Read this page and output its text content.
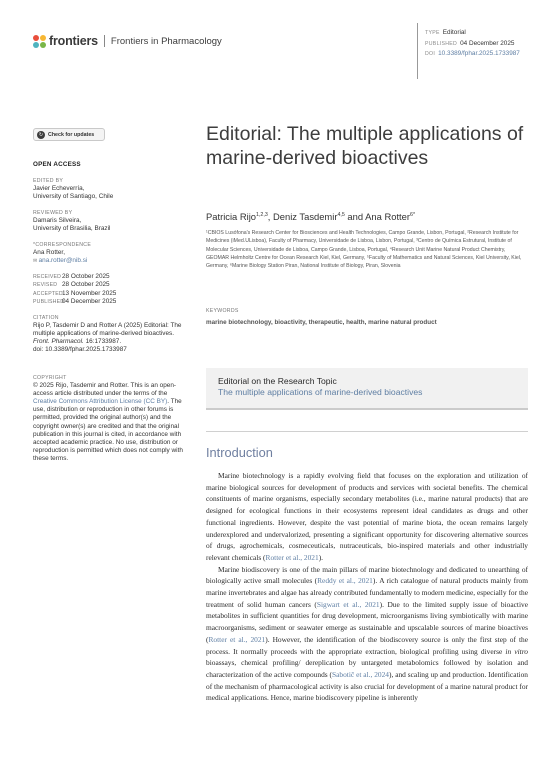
frontiers Frontiers in Pharmacology
TYPE Editorial
PUBLISHED 04 December 2025
DOI 10.3389/fphar.2025.1733987
↻ Check for updates
OPEN ACCESS
EDITED BY
Javier Echeverría,
University of Santiago, Chile
REVIEWED BY
Damaris Silveira,
University of Brasilia, Brazil
*CORRESPONDENCE
Ana Rotter,
✉ ana.rotter@nib.si
RECEIVED28 October 2025
REVISED 28 October 2025
ACCEPTED13 November 2025
PUBLISHED04 December 2025
CITATION
Rijo P, Tasdemir D and Rotter A (2025) Editorial: The multiple applications of marine-derived bioactives.
Front. Pharmacol. 16:1733987.
doi: 10.3389/fphar.2025.1733987
COPYRIGHT
© 2025 Rijo, Tasdemir and Rotter. This is an open-access article distributed under the terms of the Creative Commons Attribution License (CC BY). The use, distribution or reproduction in other forums is permitted, provided the original author(s) and the copyright owner(s) are credited and that the original publication in this journal is cited, in accordance with accepted academic practice. No use, distribution or reproduction is permitted which does not comply with these terms.
Editorial: The multiple applications of marine-derived bioactives
Patricia Rijo$^{1,2,3}$, Deniz Tasdemir$^{4,5}$ and Ana Rotter$^{6*}$
¹CBIOS Lusófona's Research Center for Biosciences and Health Technologies, Campo Grande, Lisbon, Portugal, ²Research Institute for Medicines (iMed.ULisboa), Faculty of Pharmacy, Universidade de Lisboa, Lisbon, Portugal, ³Centro de Química Estrutural, Institute of Molecular Sciences, Universidade de Lisboa, Campo Grande, Lisboa, Portugal, ⁴Research Unit Marine Natural Product Chemistry, GEOMAR Helmholtz Centre for Ocean Research Kiel, Kiel, Germany, ⁵Faculty of Mathematics and Natural Sciences, Kiel University, Kiel, Germany, ⁶Marine Biology Station Piran, National Institute of Biology, Piran, Slovenia
KEYWORDS
marine biotechnology, bioactivity, therapeutic, health, marine natural product
Editorial on the Research Topic
The multiple applications of marine-derived bioactives
Introduction

Marine biotechnology is a rapidly evolving field that focuses on the exploration and utilization of marine biological sources for development of products and services with societal benefits. The chemical constituents of marine organisms, especially secondary metabolites (i.e., marine natural products) that are designed for ecological functions in their ecosystems represent ideal candidates as drugs and other functional ingredients. However, despite the vast potential of marine biota, the ocean remains largely underexplored and undervalorized, presenting a significant opportunity for discovering alternative sources of drugs, agrochemicals, cosmeceuticals, nutraceuticals, bio-inspired materials and other industrially relevant chemicals (Rotter et al., 2021).

Marine biodiscovery is one of the main pillars of marine biotechnology and dedicated to unearthing of biologically active small molecules (Reddy et al., 2021). A rich catalogue of natural products mainly from marine invertebrates and algae has already contributed fundamentally to modern medicine, especially for the treatment of solid human cancers (Sigwart et al., 2021). Due to the limited supply issue of bioactive metabolites in sufficient quantities for drug development, microorganisms living symbiotically with marine macroorganisms, sediment or seawater emerge as sustainable and upscalable sources of marine bioactives (Rotter et al., 2021). However, the identification of the biodiscovery source is only the first step of the process. It normally proceeds with the appropriate extraction, biological profiling using diverse in vitro bioassays, chemical profiling/ dereplication by untargeted metabolomics followed by isolation and characterization of the active compounds (Sabotič et al., 2024), and scaling up and production. Identification of the mechanism of pharmacological activity is also crucial for development of a marine natural product for medical applications. Hence, marine biodiscovery pipeline is inherently
